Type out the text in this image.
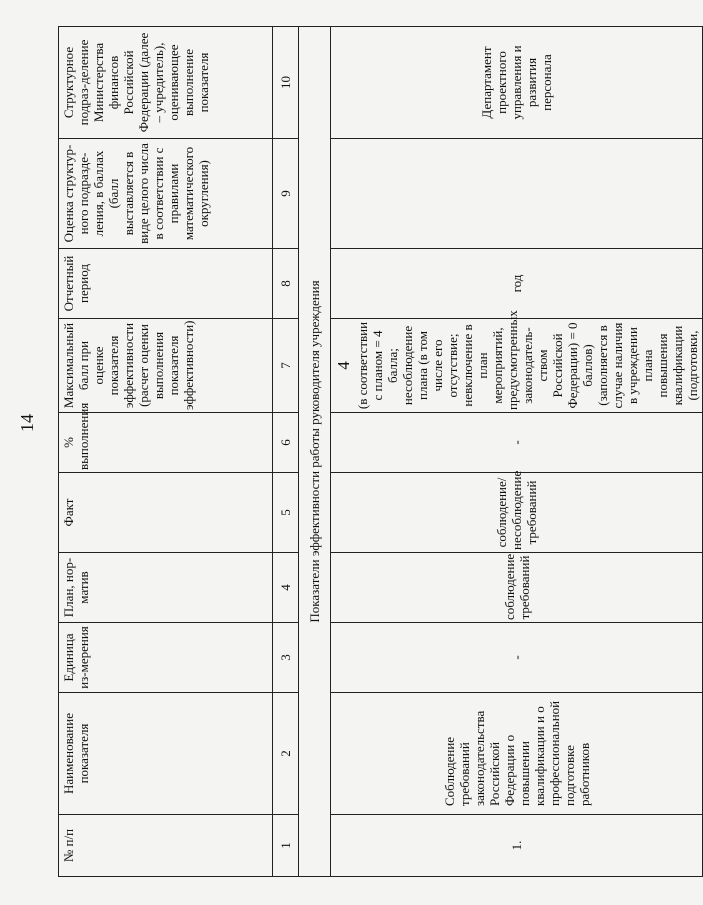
14
№ п/п	Наименование показателя	Единица из-мерения	План, нор-матив	Факт	% выполнения	Максимальный балл при оценке показателя эффективности (расчет оценки выполнения показателя эффективности)	Отчетный период	Оценка структур-ного подразде-ления, в баллах (балл выставляется в виде целого числа в соответствии с правилами математического округления)	Структурное подраз-деление Министерства финансов Российской Федерации (далее – учредитель), оценивающее выполнение показателя
1	2	3	4	5	6	7	8	9	10
Показатели эффективности работы руководителя учреждения									
1.	Соблюдение требований законодательства Российской Федерации о повышении квалификации и о профессиональной подготовке работников	-	соблюдение требований	соблюдение/ несоблюдение требований	-	4 (в соответствии с планом = 4 балла; несоблюдение плана (в том числе его отсутствие; невключение в план мероприятий, предусмотренных законодатель-ством Российской Федерации) = 0 баллов) (заполняется в случае наличия в учреждении плана повышения квалификации (подготовки,	год		Департамент проектного управления и развития персонала
